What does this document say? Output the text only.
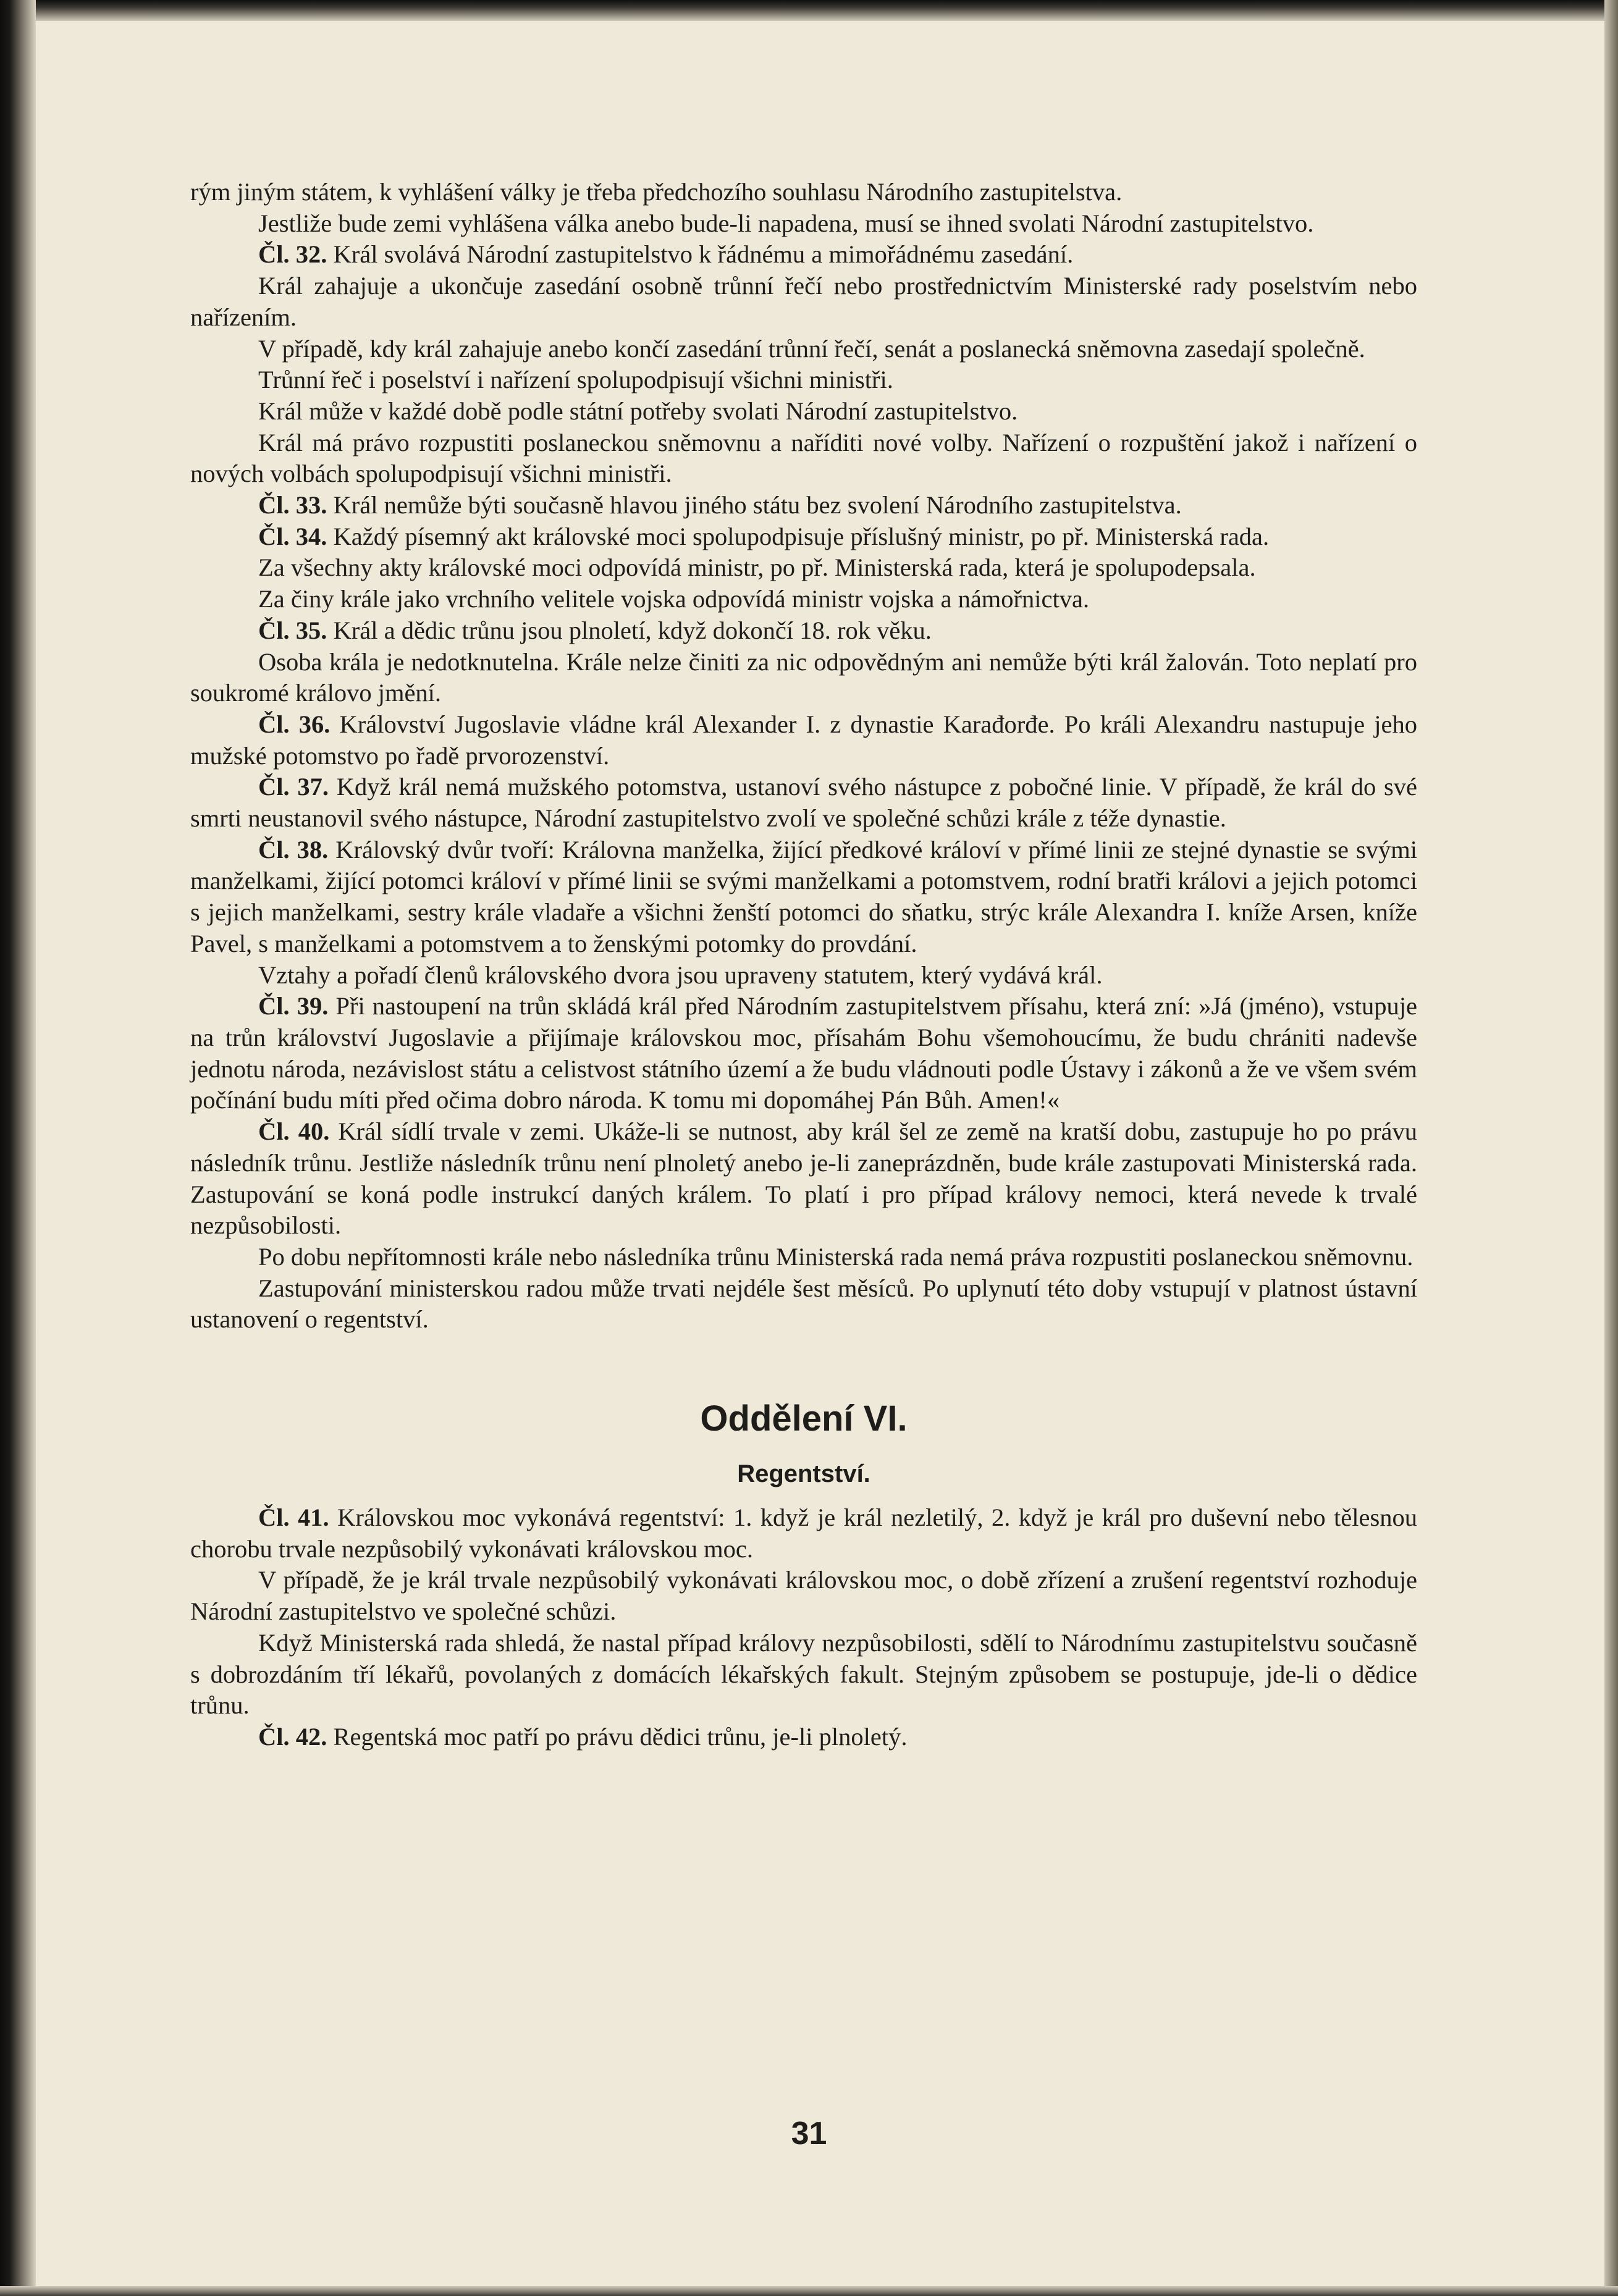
rým jiným státem, k vyhlášení války je třeba předchozího souhlasu Národního zastupitelstva.

Jestliže bude zemi vyhlášena válka anebo bude-li napadena, musí se ihned svolati Národní zastupitelstvo.

Čl. 32. Král svolává Národní zastupitelstvo k řádnému a mimořádnému zasedání.

Král zahajuje a ukončuje zasedání osobně trůnní řečí nebo prostřednictvím Ministerské rady poselstvím nebo nařízením.

V případě, kdy král zahajuje anebo končí zasedání trůnní řečí, senát a poslanecká sněmovna zasedají společně.

Trůnní řeč i poselství i nařízení spolupodpisují všichni ministři.

Král může v každé době podle státní potřeby svolati Národní zastupitelstvo.

Král má právo rozpustiti poslaneckou sněmovnu a naříditi nové volby. Nařízení o rozpuštění jakož i nařízení o nových volbách spolupodpisují všichni ministři.

Čl. 33. Král nemůže býti současně hlavou jiného státu bez svolení Národního zastupitelstva.

Čl. 34. Každý písemný akt královské moci spolupodpisuje příslušný ministr, po př. Ministerská rada.

Za všechny akty královské moci odpovídá ministr, po př. Ministerská rada, která je spolupodepsala.

Za činy krále jako vrchního velitele vojska odpovídá ministr vojska a námořnictva.

Čl. 35. Král a dědic trůnu jsou plnoletí, když dokončí 18. rok věku.

Osoba krála je nedotknutelna. Krále nelze činiti za nic odpovědným ani nemůže býti král žalován. Toto neplatí pro soukromé královo jmění.

Čl. 36. Království Jugoslavie vládne král Alexander I. z dynastie Karađorđe. Po králi Alexandru nastupuje jeho mužské potomstvo po řadě prvorozenství.

Čl. 37. Když král nemá mužského potomstva, ustanoví svého nástupce z pobočné linie. V případě, že král do své smrti neustanovil svého nástupce, Národní zastupitelstvo zvolí ve společné schůzi krále z téže dynastie.

Čl. 38. Královský dvůr tvoří: Královna manželka, žijící předkové královí v přímé linii ze stejné dynastie se svými manželkami, žijící potomci královí v přímé linii se svými manželkami a potomstvem, rodní bratři královi a jejich potomci s jejich manželkami, sestry krále vladaře a všichni ženští potomci do sňatku, strýc krále Alexandra I. kníže Arsen, kníže Pavel, s manželkami a potomstvem a to ženskými potomky do provdání.

Vztahy a pořadí členů královského dvora jsou upraveny statutem, který vydává král.

Čl. 39. Při nastoupení na trůn skládá král před Národním zastupitelstvem přísahu, která zní: »Já (jméno), vstupuje na trůn království Jugoslavie a přijímaje královskou moc, přísahám Bohu všemohoucímu, že budu chrániti nadevše jednotu národa, nezávislost státu a celistvost státního území a že budu vládnouti podle Ústavy i zákonů a že ve všem svém počínání budu míti před očima dobro národa. K tomu mi dopomáhej Pán Bůh. Amen!«

Čl. 40. Král sídlí trvale v zemi. Ukáže-li se nutnost, aby král šel ze země na kratší dobu, zastupuje ho po právu následník trůnu. Jestliže následník trůnu není plnoletý anebo je-li zaneprázdněn, bude krále zastupovati Ministerská rada. Zastupování se koná podle instrukcí daných králem. To platí i pro případ královy nemoci, která nevede k trvalé nezpůsobilosti.

Po dobu nepřítomnosti krále nebo následníka trůnu Ministerská rada nemá práva rozpustiti poslaneckou sněmovnu.

Zastupování ministerskou radou může trvati nejdéle šest měsíců. Po uplynutí této doby vstupují v platnost ústavní ustanovení o regentství.

Oddělení VI.
Regentství.

Čl. 41. Královskou moc vykonává regentství: 1. když je král nezletilý, 2. když je král pro duševní nebo tělesnou chorobu trvale nezpůsobilý vykonávati královskou moc.

V případě, že je král trvale nezpůsobilý vykonávati královskou moc, o době zřízení a zrušení regentství rozhoduje Národní zastupitelstvo ve společné schůzi.

Když Ministerská rada shledá, že nastal případ královy nezpůsobilosti, sdělí to Národnímu zastupitelstvu současně s dobrozdáním tří lékařů, povolaných z domácích lékařských fakult. Stejným způsobem se postupuje, jde-li o dědice trůnu.

Čl. 42. Regentská moc patří po právu dědici trůnu, je-li plnoletý.

31
